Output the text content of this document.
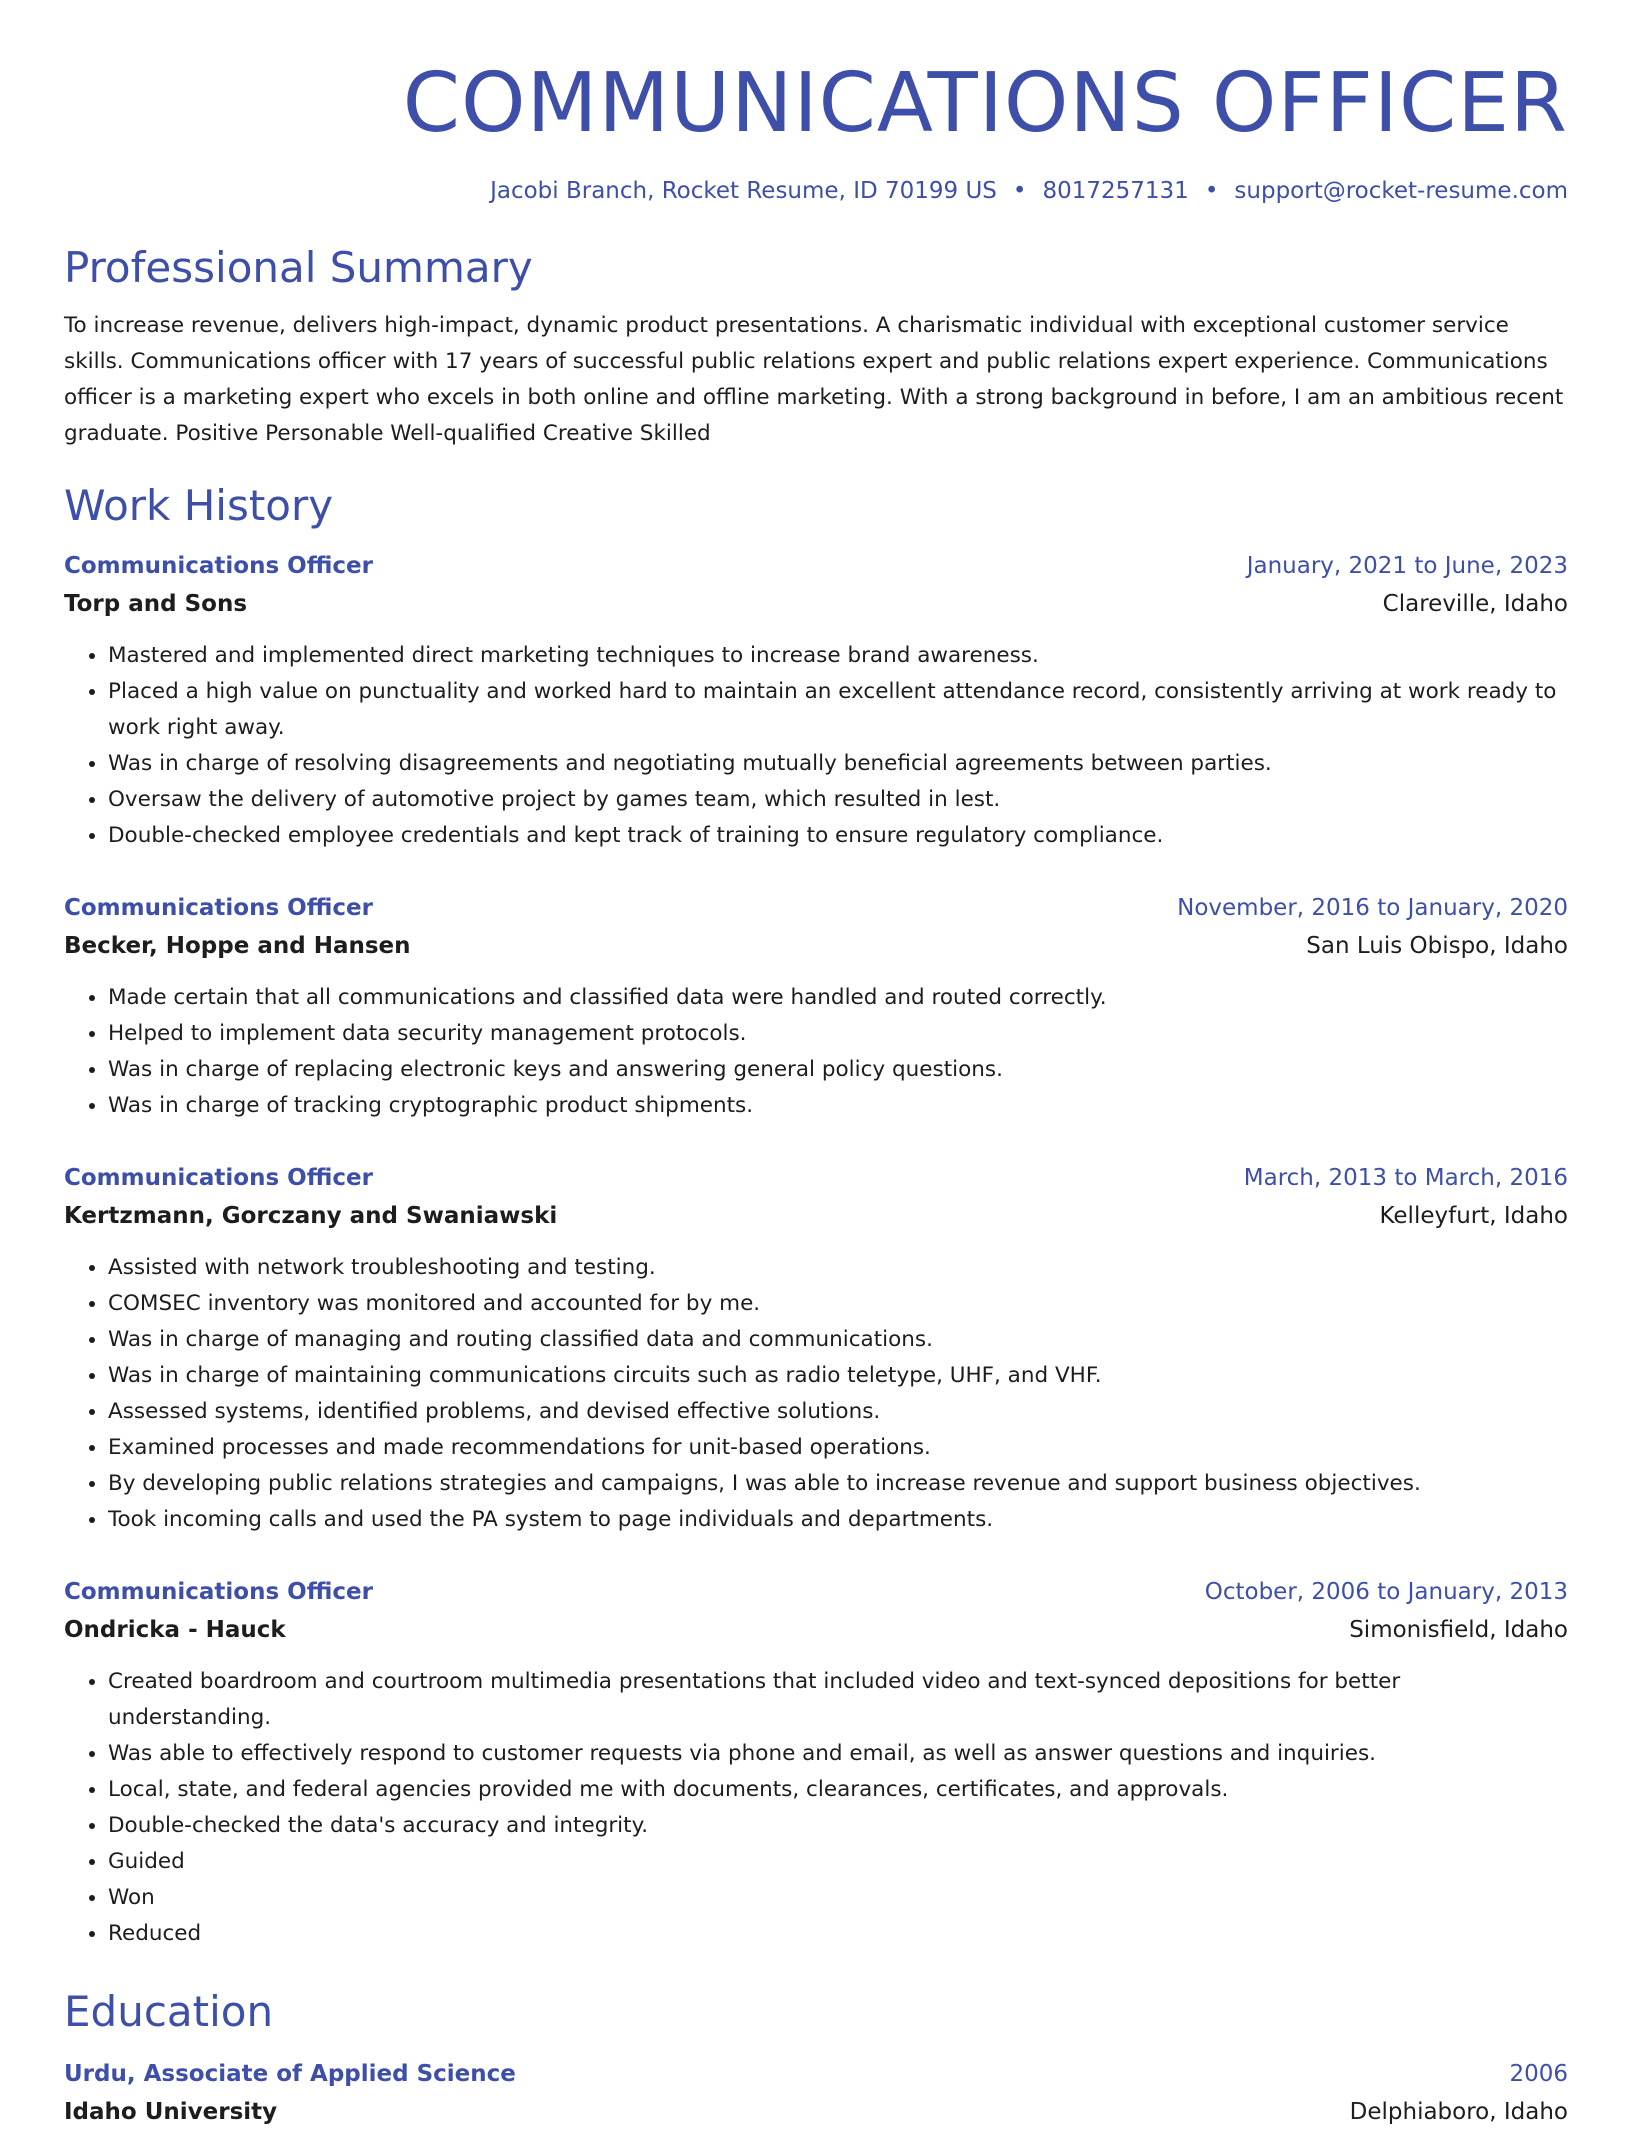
COMMUNICATIONS OFFICER
Jacobi Branch, Rocket Resume, ID 70199 US • 8017257131 • support@rocket-resume.com
Professional Summary

To increase revenue, delivers high-impact, dynamic product presentations. A charismatic individual with exceptional customer service skills. Communications officer with 17 years of successful public relations expert and public relations expert experience. Communications officer is a marketing expert who excels in both online and offline marketing. With a strong background in before, I am an ambitious recent graduate. Positive Personable Well-qualified Creative Skilled

Work History
Communications Officer	January, 2021 to June, 2023
Torp and Sons	Clareville, Idaho
• Mastered and implemented direct marketing techniques to increase brand awareness.
• Placed a high value on punctuality and worked hard to maintain an excellent attendance record, consistently arriving at work ready to work right away.
• Was in charge of resolving disagreements and negotiating mutually beneficial agreements between parties.
• Oversaw the delivery of automotive project by games team, which resulted in lest.
• Double-checked employee credentials and kept track of training to ensure regulatory compliance.
Communications Officer	November, 2016 to January, 2020
Becker, Hoppe and Hansen	San Luis Obispo, Idaho
• Made certain that all communications and classified data were handled and routed correctly.
• Helped to implement data security management protocols.
• Was in charge of replacing electronic keys and answering general policy questions.
• Was in charge of tracking cryptographic product shipments.
Communications Officer	March, 2013 to March, 2016
Kertzmann, Gorczany and Swaniawski	Kelleyfurt, Idaho
• Assisted with network troubleshooting and testing.
• COMSEC inventory was monitored and accounted for by me.
• Was in charge of managing and routing classified data and communications.
• Was in charge of maintaining communications circuits such as radio teletype, UHF, and VHF.
• Assessed systems, identified problems, and devised effective solutions.
• Examined processes and made recommendations for unit-based operations.
• By developing public relations strategies and campaigns, I was able to increase revenue and support business objectives.
• Took incoming calls and used the PA system to page individuals and departments.
Communications Officer	October, 2006 to January, 2013
Ondricka - Hauck	Simonisfield, Idaho
• Created boardroom and courtroom multimedia presentations that included video and text-synced depositions for better understanding.
• Was able to effectively respond to customer requests via phone and email, as well as answer questions and inquiries.
• Local, state, and federal agencies provided me with documents, clearances, certificates, and approvals.
• Double-checked the data's accuracy and integrity.
• Guided
• Won
• Reduced
Education
Urdu, Associate of Applied Science	2006
Idaho University	Delphiaboro, Idaho
